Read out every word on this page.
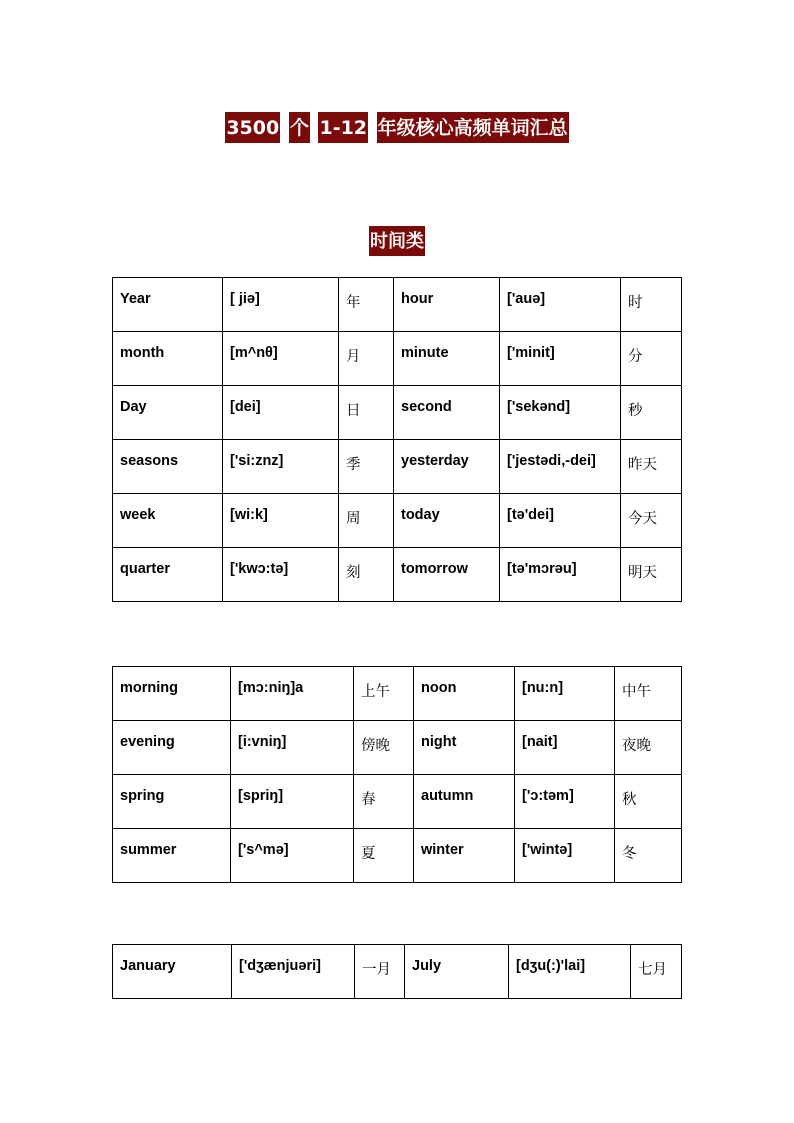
3500 个 1-12 年级核心高频单词汇总
时间类
Year	[ jiə]	年	hour	['auə]	时
month	[m^nθ]	月	minute	['minit]	分
Day	[dei]	日	second	['sekənd]	秒
seasons	['si:znz]	季	yesterday	['jestədi,-dei]	昨天
week	[wi:k]	周	today	[tə'dei]	今天
quarter	['kwɔ:tə]	刻	tomorrow	[tə'mɔrəu]	明天
morning	[mɔ:niŋ]a	上午	noon	[nu:n]	中午
evening	[i:vniŋ]	傍晚	night	[nait]	夜晚
spring	[spriŋ]	春	autumn	['ɔ:təm]	秋
summer	['s^mə]	夏	winter	['wintə]	冬
January	['dʒænjuəri]	一月	July	[dʒu(:)'lai]	七月
